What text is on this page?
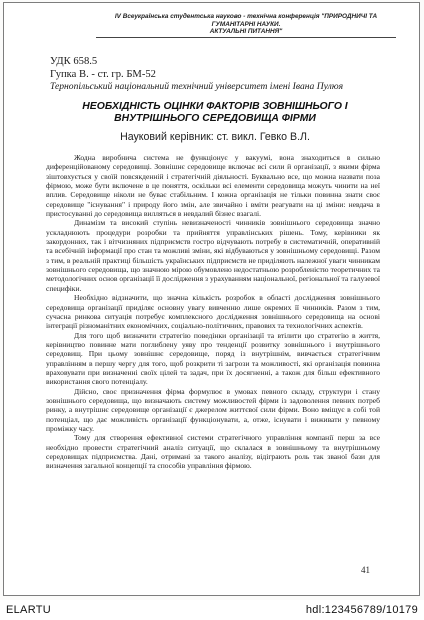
IV Всеукраїнська студентська науково - технічна конференція "ПРИРОДНИЧІ ТА ГУМАНІТАРНІ НАУКИ.
АКТУАЛЬНІ ПИТАННЯ"
УДК 658.5
Гупка В. - ст. гр. БМ-52
Тернопільський національний технічний університет імені Івана Пулюя
НЕОБХІДНІСТЬ ОЦІНКИ ФАКТОРІВ ЗОВНІШНЬОГО І
ВНУТРІШНЬОГО СЕРЕДОВИЩА ФІРМИ
Науковий керівник: ст. викл. Гевко В.Л.

Жодна виробнича система не функціонує у вакуумі, вона знаходиться в сильно диференційованому середовищі. Зовнішнє середовище включає всі сили й організації, з якими фірма зіштовхується у своїй повсякденній і стратегічній діяльності. Буквально все, що можна назвати поза фірмою, може бути включене в це поняття, оскільки всі елементи середовища можуть чинити на неї вплив. Середовище ніколи не буває стабільним. І кожна організація не тільки повинна знати своє середовище "існування" і природу його змін, але звичайно і вміти реагувати на ці зміни: невдача в пристосуванні до середовища вилляться в невдалий бізнес взагалі.

Динамізм та високий ступінь невизначеності чинників зовнішнього середовища значно ускладнюють процедури розробки та прийняття управлінських рішень. Тому, керівники як закордонних, так і вітчизняних підприємств гостро відчувають потребу в систематичній, оперативній та всебічній інформації про стан та можливі зміни, які відбуваються у зовнішньому середовищі. Разом з тим, в реальній практиці більшість українських підприємств не приділяють належної уваги чинникам зовнішнього середовища, що значною мірою обумовлено недостатньою розробленістю теоретичних та методологічних основ організації її дослідження з урахуванням національної, регіональної та галузевої специфіки.

Необхідно відзначити, що значна кількість розробок в області дослідження зовнішнього середовища організації приділяє основну увагу вивченню лише окремих її чинників. Разом з тим, сучасна ринкова ситуація потребує комплексного дослідження зовнішнього середовища на основі інтеграції різноманітних економічних, соціально-політичних, правових та технологічних аспектів.

Для того щоб визначити стратегію поведінки організації та втілити цю стратегію в життя, керівництво повинне мати поглиблену уяву про тенденції розвитку зовнішнього і внутрішнього середовищ. При цьому зовнішнє середовище, поряд із внутрішнім, вивчається стратегічним управлінням в першу чергу для того, щоб розкрити ті загрози та можливості, які організація повинна враховувати при визначенні своїх цілей та задач, при їх досягненні, а також для більш ефективного використання свого потенціалу.

Дійсно, своє призначення фірма формулює в умовах певного складу, структури і стану зовнішнього середовища, що визначають систему можливостей фірми із задоволення певних потреб ринку, а внутрішнє середовище організації є джерелом життєвої сили фірми. Воно вміщує в собі той потенціал, що дає можливість організації функціонувати, а, отже, існувати і виживати у певному проміжку часу.

Тому для створення ефективної системи стратегічного управління компанії перш за все необхідно провести стратегічний аналіз ситуації, що склалася в зовнішньому та внутрішньому середовищах підприємства. Дані, отримані за такого аналізу, відіграють роль так званої бази для визначення загальної концепції та способів управління фірмою.

41
ELARTU	hdl:123456789/10179
